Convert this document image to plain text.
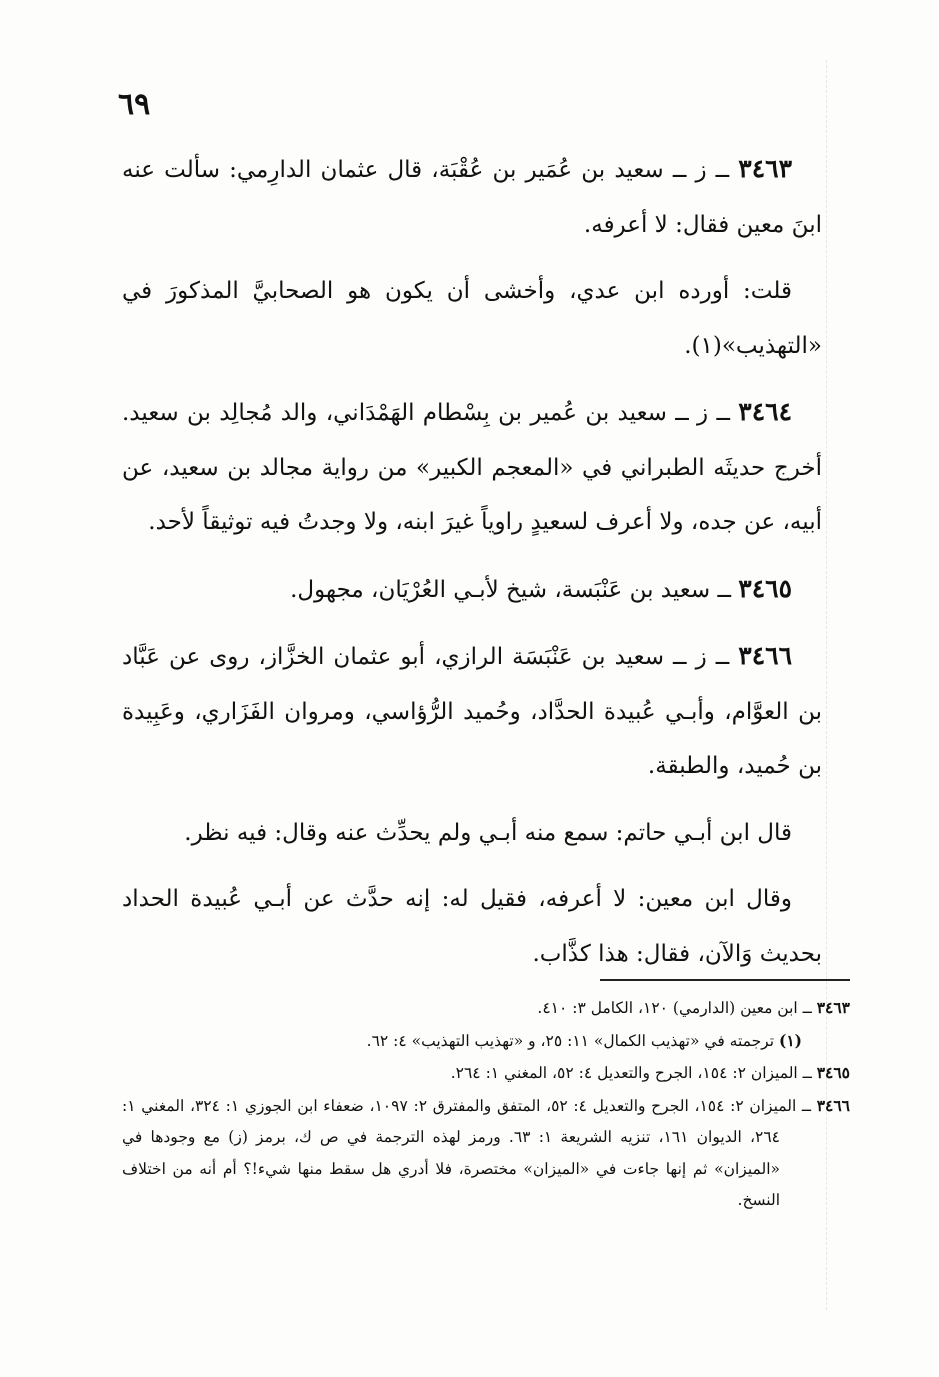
٦٩

٣٤٦٣ ــ ز ــ سعيد بن عُمَير بن عُقْبَة، قال عثمان الدارِمي: سألت عنه ابنَ معين فقال: لا أعرفه.

قلت: أورده ابن عدي، وأخشى أن يكون هو الصحابيَّ المذكورَ في «التهذيب»(١).

٣٤٦٤ ــ ز ــ سعيد بن عُمير بن بِسْطام الهَمْدَاني، والد مُجالِد بن سعيد. أخرج حديثَه الطبراني في «المعجم الكبير» من رواية مجالد بن سعيد، عن أبيه، عن جده، ولا أعرف لسعيدٍ راوياً غيرَ ابنه، ولا وجدتُ فيه توثيقاً لأحد.

٣٤٦٥ ــ سعيد بن عَنْبَسة، شيخ لأبـي العُرْيَان، مجهول.

٣٤٦٦ ــ ز ــ سعيد بن عَنْبَسَة الرازي، أبو عثمان الخزَّاز، روى عن عَبَّاد بن العوَّام، وأبـي عُبيدة الحدَّاد، وحُميد الرُّؤاسي، ومروان الفَزَاري، وعَبِيدة بن حُميد، والطبقة.

قال ابن أبـي حاتم: سمع منه أبـي ولم يحدِّث عنه وقال: فيه نظر.

وقال ابن معين: لا أعرفه، فقيل له: إنه حدَّث عن أبـي عُبيدة الحداد بحديث وَالآن، فقال: هذا كذَّاب.

٣٤٦٣ ــ ابن معين (الدارمي) ١٢٠، الكامل ٣: ٤١٠.

(١) ترجمته في «تهذيب الكمال» ١١: ٢٥، و «تهذيب التهذيب» ٤: ٦٢.

٣٤٦٥ ــ الميزان ٢: ١٥٤، الجرح والتعديل ٤: ٥٢، المغني ١: ٢٦٤.

٣٤٦٦ ــ الميزان ٢: ١٥٤، الجرح والتعديل ٤: ٥٢، المتفق والمفترق ٢: ١٠٩٧، ضعفاء ابن الجوزي ١: ٣٢٤، المغني ١: ٢٦٤، الديوان ١٦١، تنزيه الشريعة ١: ٦٣. ورمز لهذه الترجمة في ص ك، برمز (ز) مع وجودها في «الميزان» ثم إنها جاءت في «الميزان» مختصرة، فلا أدري هل سقط منها شيء!؟ أم أنه من اختلاف النسخ.
